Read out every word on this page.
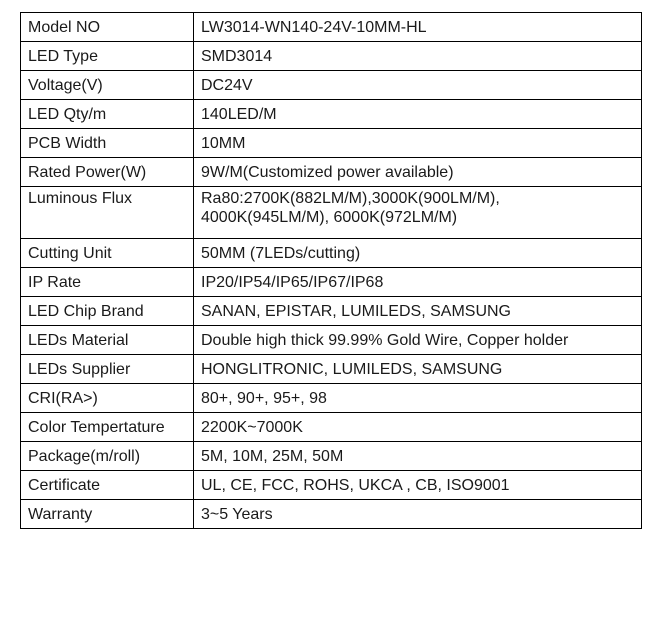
Model NO	LW3014-WN140-24V-10MM-HL
LED Type	SMD3014
Voltage(V)	DC24V
LED Qty/m	140LED/M
PCB Width	10MM
Rated Power(W)	9W/M(Customized power available)
Luminous Flux	Ra80:2700K(882LM/M),3000K(900LM/M),
4000K(945LM/M), 6000K(972LM/M)

Cutting Unit	50MM (7LEDs/cutting)
IP Rate	IP20/IP54/IP65/IP67/IP68
LED Chip Brand	SANAN, EPISTAR, LUMILEDS, SAMSUNG
LEDs Material	Double high thick 99.99% Gold Wire, Copper holder
LEDs Supplier	HONGLITRONIC, LUMILEDS, SAMSUNG
CRI(RA>)	80+, 90+, 95+, 98
Color Tempertature	2200K~7000K
Package(m/roll)	5M, 10M, 25M, 50M
Certificate	UL, CE, FCC, ROHS, UKCA , CB, ISO9001
Warranty	3~5 Years
